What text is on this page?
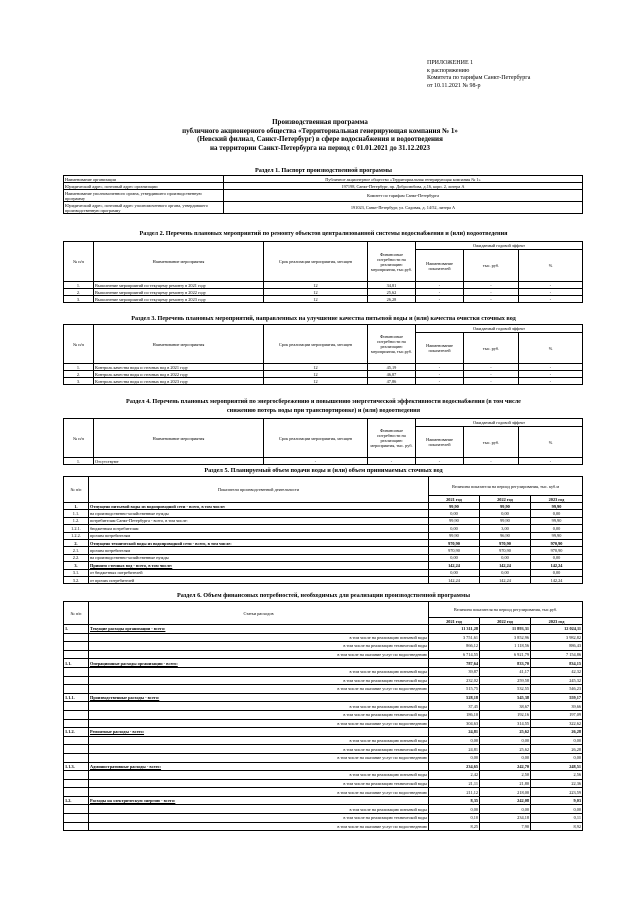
ПРИЛОЖЕНИЕ 1
к распоряжению
Комитета по тарифам Санкт-Петербурга
от 10.11.2021 № 98-р
Производственная программа
публичного акционерного общества «Территориальная генерирующая компания № 1»
(Невский филиал, Санкт-Петербург) в сфере водоснабжения и водоотведения
на территории Санкт-Петербурга на период с 01.01.2021 до 31.12.2023
Раздел 1. Паспорт производственной программы
Наименование организации	Публичное акционерное общество «Территориальная генерирующая компания № 1»
Юридический адрес, почтовый адрес организации	197198, Санкт-Петербург, пр. Добролюбова, д.16, корп. 2, литера А
Наименование уполномоченного органа, утвердившего производственную программу	Комитет по тарифам Санкт-Петербурга
Юридический адрес, почтовый адрес уполномоченного органа, утвердившего производственную программу	191023, Санкт-Петербург, ул. Садовая, д. 14/52, литера А
Раздел 2. Перечень плановых мероприятий по ремонту объектов централизованной системы водоснабжения и (или) водоотведения
№ п/п	Наименование мероприятия	Срок реализации мероприятия, месяцев	Финансовые потребности на реализацию мероприятия, тыс.руб.	Ожидаемый годовой эффект		
				Наименование показателей	тыс. руб.	%
1.	Выполнение мероприятий по текущему ремонту в 2021 году	12	34,81	-	-	-
2.	Выполнение мероприятий по текущему ремонту в 2022 году	12	25,62	-	-	-
3.	Выполнение мероприятий по текущему ремонту в 2023 году	12	26,28	-	-	-
Раздел 3. Перечень плановых мероприятий, направленных на улучшение качества питьевой воды и (или) качества очистки сточных вод
№ п/п	Наименование мероприятия	Срок реализации мероприятия, месяцев	Финансовые потребности на реализацию мероприятия, тыс.руб.	Ожидаемый годовой эффект		
				Наименование показателей	тыс. руб.	%
1.	Контроль качества воды и сточных вод в 2021 году	12	45,19	-	-	-
2.	Контроль качества воды и сточных вод в 2022 году	12	46,87	-	-	-
3.	Контроль качества воды и сточных вод в 2023 году	12	47,86	-	-	-
Раздел 4. Перечень плановых мероприятий по энергосбережению и повышению энергетической эффективности водоснабжения (в том числе
снижению потерь воды при транспортировке) и (или) водоотведения
№ п/п	Наименование мероприятия	Срок реализации мероприятия, месяцев	Финансовые потребности на реализацию мероприятия, тыс. руб.	Ожидаемый годовой эффект		
				Наименование показателей	тыс. руб.	%
1.	Отсутствуют	-	-	-	-	-
Раздел 5. Планируемый объем подачи воды и (или) объем принимаемых сточных вод
№ п/п	Показатели производственной деятельности	Величина показателя на период регулирования, тыс. куб.м		
		2021 год	2022 год	2023 год
1.	Отпущено питьевой воды из водопроводной сети - всего, в том числе:	99,90	99,90	99,90
1.1.	на производственно-хозяйственные нужды	0,00	0,00	0,00
1.2.	потребителям Санкт-Петербурга - всего, в том числе:	99,90	99,90	99,90
1.2.1.	бюджетным потребителям	0,00	3,00	0,00
1.2.2.	прочим потребителям	99,90	96,90	99,90
2.	Отпущено технической воды из водопроводной сети - всего, в том числе:	970,90	970,90	970,90
2.1.	прочим потребителям	970,90	970,90	970,90
2.2.	на производственно-хозяйственные нужды	0,00	0,00	0,00
3.	Принято сточных вод - всего, в том числе:	142,24	142,24	142,24
3.1.	от бюджетных потребителей	0,00	0,00	0,00
3.2.	от прочих потребителей	142,24	142,24	142,24
Раздел 6. Объем финансовых потребностей, необходимых для реализации производственной программы
№ п/п	Статьи расходов	Величина показателя на период регулирования, тыс.руб.		
		2021 год	2022 год	2023 год
1.	Текущие расходы организации - всего:	11 311,28	11 893,31	12 024,11
	в том числе на реализацию питьевой воды	3 751,61	3 852,96	3 982,82
	в том числе на реализацию технической воды	866,12	1 118,56	886,43
	в том числе на оказание услуг по водоотведению	6 714,55	6 921,79	7 154,86
1.1.	Операционные расходы организации - всего:	787,64	833,70	834,15
	в том числе на реализацию питьевой воды	39,87	41,17	42,32
	в том числе на реализацию технической воды	232,02	259,58	245,32
	в том числе на оказание услуг по водоотведению	515,75	532,55	546,23
1.1.1.	Производственные расходы - всего:	528,18	545,38	559,17
	в том числе на реализацию питьевой воды	37,45	38,67	39,66
	в том числе на реализацию технической воды	186,10	192,16	197,09
	в том числе на оказание услуг по водоотведению	304,63	314,55	322,62
1.1.2.	Ремонтные расходы - всего:	24,81	25,62	26,28
	в том числе на реализацию питьевой воды	0,00	0,00	0,00
	в том числе на реализацию технической воды	24,81	25,62	26,28
	в том числе на оказание услуг по водоотведению	0,00	0,00	0,00
1.1.3.	Административные расходы - всего:	234,65	242,70	248,51
	в том числе на реализацию питьевой воды	2,42	2,50	2,56
	в том числе на реализацию технической воды	21,11	21,80	22,36
	в том числе на оказание услуг по водоотведению	211,12	218,00	223,59
1.2.	Расходы на электрическую энергию - всего:	8,35	242,08	9,03
	в том числе на реализацию питьевой воды	0,00	0,00	0,00
	в том числе на реализацию технической воды	0,10	234,18	0,11
	в том числе на оказание услуг по водоотведению	8,25	7,90	8,92
